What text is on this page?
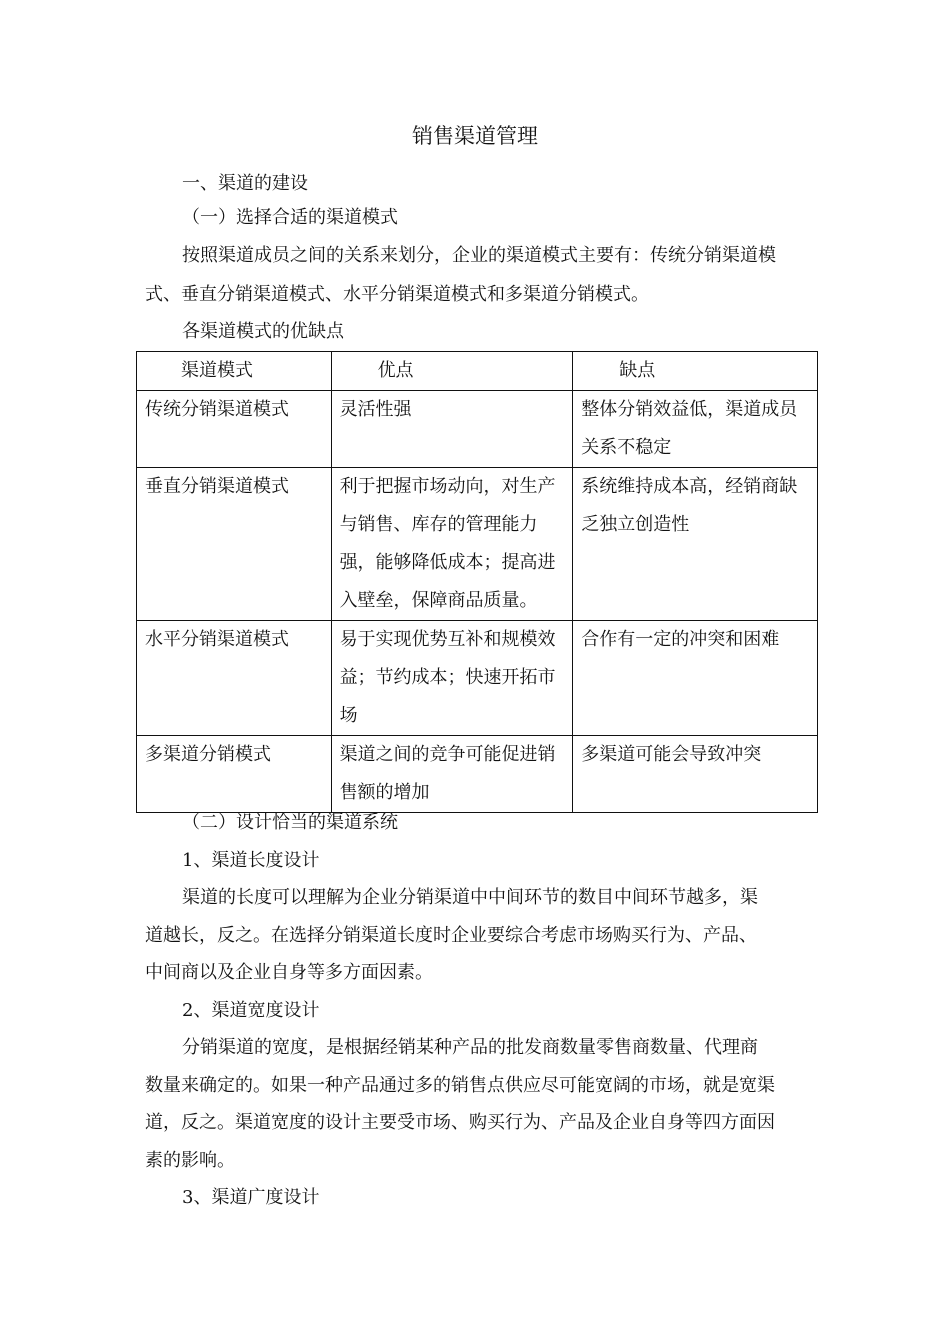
销售渠道管理
一、渠道的建设
（一）选择合适的渠道模式
按照渠道成员之间的关系来划分，企业的渠道模式主要有：传统分销渠道模
式、垂直分销渠道模式、水平分销渠道模式和多渠道分销模式。
各渠道模式的优缺点
渠道模式	优点	缺点
传统分销渠道模式	灵活性强	整体分销效益低，渠道成员关系不稳定
垂直分销渠道模式	利于把握市场动向，对生产与销售、库存的管理能力强，能够降低成本；提高进入壁垒，保障商品质量。	系统维持成本高，经销商缺乏独立创造性
水平分销渠道模式	易于实现优势互补和规模效益；节约成本；快速开拓市场	合作有一定的冲突和困难
多渠道分销模式	渠道之间的竞争可能促进销售额的增加	多渠道可能会导致冲突
（二）设计恰当的渠道系统
1、渠道长度设计
渠道的长度可以理解为企业分销渠道中中间环节的数目中间环节越多，渠
道越长，反之。在选择分销渠道长度时企业要综合考虑市场购买行为、产品、
中间商以及企业自身等多方面因素。
2、渠道宽度设计
分销渠道的宽度，是根据经销某种产品的批发商数量零售商数量、代理商
数量来确定的。如果一种产品通过多的销售点供应尽可能宽阔的市场，就是宽渠
道，反之。渠道宽度的设计主要受市场、购买行为、产品及企业自身等四方面因
素的影响。
3、渠道广度设计
